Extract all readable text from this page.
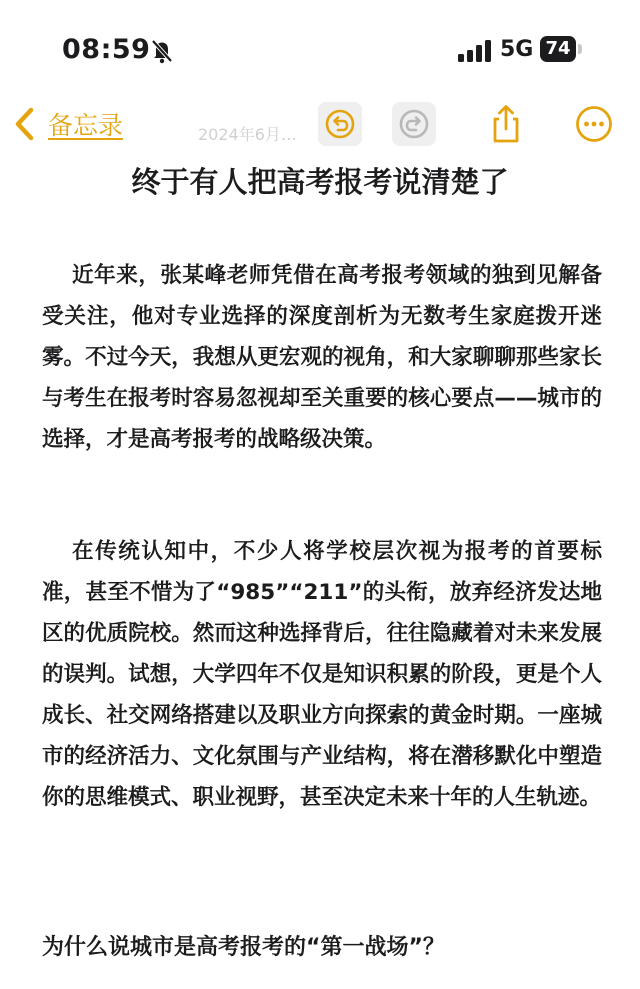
08:59	5G 74
备忘录	2024年6月…
终于有人把高考报考说清楚了
近年来，张某峰老师凭借在高考报考领域的独到见解备受关注，他对专业选择的深度剖析为无数考生家庭拨开迷雾。不过今天，我想从更宏观的视角，和大家聊聊那些家长与考生在报考时容易忽视却至关重要的核心要点——城市的选择，才是高考报考的战略级决策。
在传统认知中，不少人将学校层次视为报考的首要标准，甚至不惜为了“985”“211”的头衔，放弃经济发达地区的优质院校。然而这种选择背后，往往隐藏着对未来发展的误判。试想，大学四年不仅是知识积累的阶段，更是个人成长、社交网络搭建以及职业方向探索的黄金时期。一座城市的经济活力、文化氛围与产业结构，将在潜移默化中塑造你的思维模式、职业视野，甚至决定未来十年的人生轨迹。
为什么说城市是高考报考的“第一战场”？
